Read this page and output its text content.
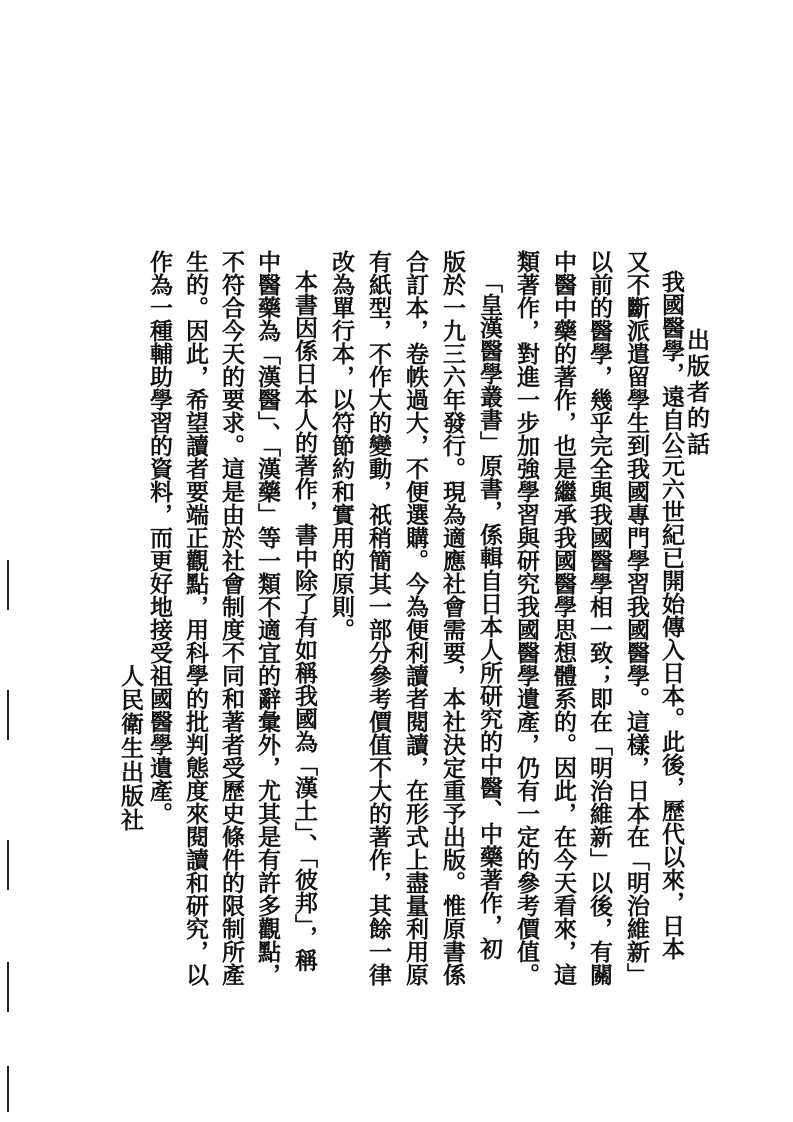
出版者的話
我國醫學，遠自公元六世紀已開始傳入日本。此後，歷代以來，日本
又不斷派遣留學生到我國專門學習我國醫學。這樣，日本在「明治維新」
以前的醫學，幾乎完全與我國醫學相一致；即在「明治維新」以後，有關
中醫中藥的著作，也是繼承我國醫學思想體系的。因此，在今天看來，這
類著作，對進一步加強學習與研究我國醫學遺產，仍有一定的參考價值。
「皇漢醫學叢書」原書，係輯自日本人所研究的中醫、中藥著作，初
版於一九三六年發行。現為適應社會需要，本社決定重予出版。惟原書係
合訂本，卷帙過大，不便選購。今為便利讀者閱讀，在形式上盡量利用原
有紙型，不作大的變動，祇稍簡其一部分參考價值不大的著作，其餘一律
改為單行本，以符節約和實用的原則。
本書因係日本人的著作，書中除了有如稱我國為「漢土」、「彼邦」，稱
中醫藥為「漢醫」、「漢藥」等一類不適宜的辭彙外，尤其是有許多觀點，
不符合今天的要求。這是由於社會制度不同和著者受歷史條件的限制所產
生的。因此，希望讀者要端正觀點，用科學的批判態度來閱讀和研究，以
作為一種輔助學習的資料，而更好地接受祖國醫學遺產。
人民衛生出版社
